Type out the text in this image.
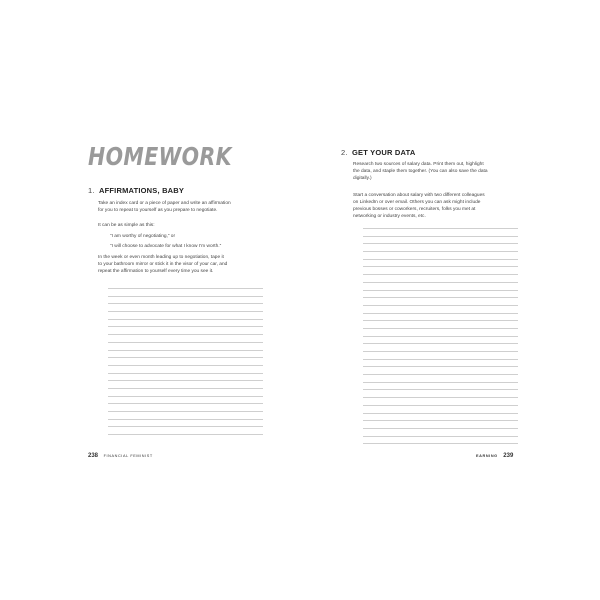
HOMEWORK
1. AFFIRMATIONS, BABY
Take an index card or a piece of paper and write an affirmation
for you to repeat to yourself as you prepare to negotiate.
It can be as simple as this:
“I am worthy of negotiating,” or
“I will choose to advocate for what I know I’m worth.”
In the week or even month leading up to negotiation, tape it
to your bathroom mirror or stick it in the visor of your car, and
repeat the affirmation to yourself every time you see it.
238 FINANCIAL FEMINIST
2. GET YOUR DATA
Research two sources of salary data. Print them out, highlight
the data, and staple them together. (You can also save the data
digitally.)
Start a conversation about salary with two different colleagues
on LinkedIn or over email. Others you can ask might include
previous bosses or coworkers, recruiters, folks you met at
networking or industry events, etc.
EARNING 239
